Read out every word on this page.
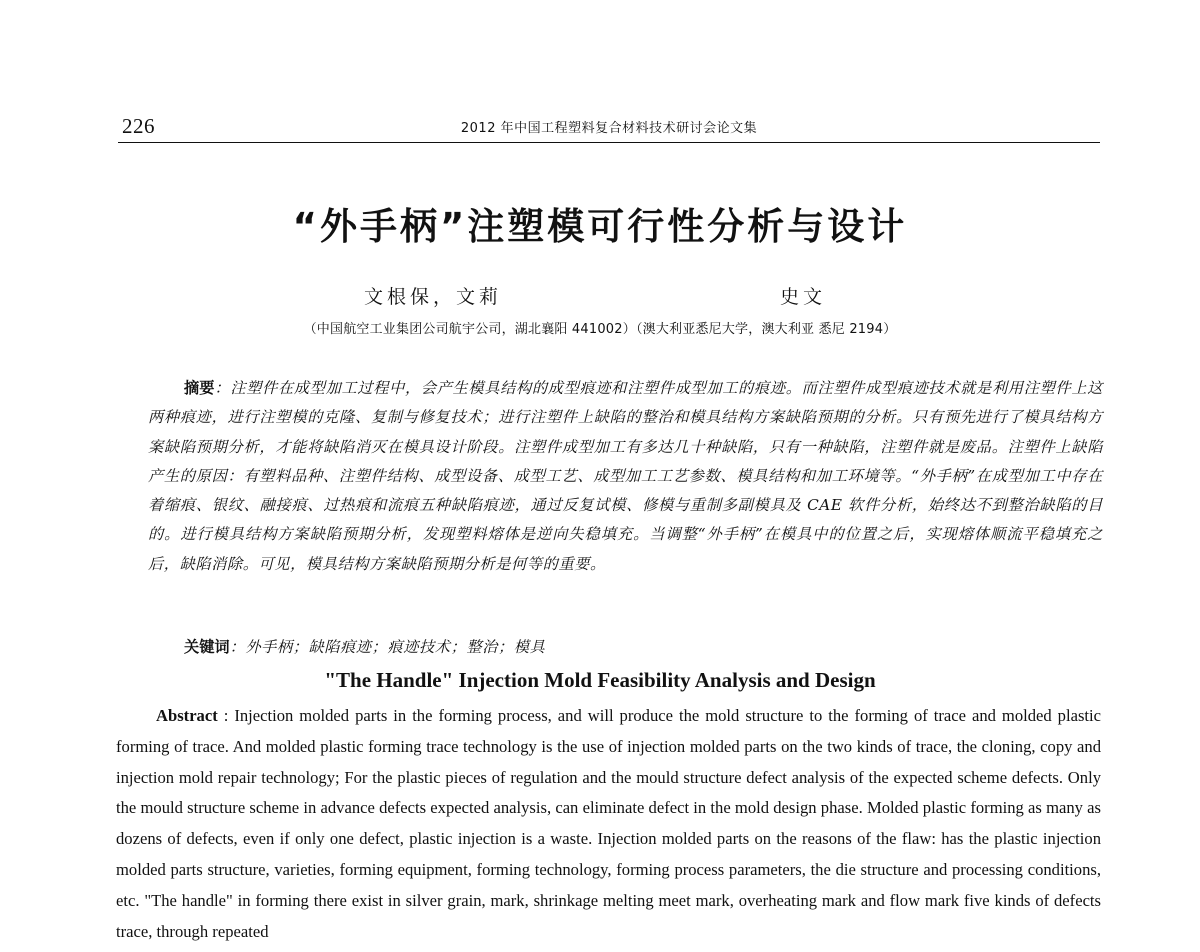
226	2012 年中国工程塑料复合材料技术研讨会论文集
“外手柄”注塑模可行性分析与设计
文根保，文莉	史文
（中国航空工业集团公司航宇公司，湖北襄阳 441002）（澳大利亚悉尼大学，澳大利亚 悉尼 2194）
摘要：注塑件在成型加工过程中，会产生模具结构的成型痕迹和注塑件成型加工的痕迹。而注塑件成型痕迹技术就是利用注塑件上这两种痕迹，进行注塑模的克隆、复制与修复技术；进行注塑件上缺陷的整治和模具结构方案缺陷预期的分析。只有预先进行了模具结构方案缺陷预期分析，才能将缺陷消灭在模具设计阶段。注塑件成型加工有多达几十种缺陷，只有一种缺陷，注塑件就是废品。注塑件上缺陷产生的原因：有塑料品种、注塑件结构、成型设备、成型工艺、成型加工工艺参数、模具结构和加工环境等。“外手柄”在成型加工中存在着缩痕、银纹、融接痕、过热痕和流痕五种缺陷痕迹，通过反复试模、修模与重制多副模具及 CAE 软件分析，始终达不到整治缺陷的目的。进行模具结构方案缺陷预期分析，发现塑料熔体是逆向失稳填充。当调整“外手柄”在模具中的位置之后，实现熔体顺流平稳填充之后，缺陷消除。可见，模具结构方案缺陷预期分析是何等的重要。
关键词：外手柄；缺陷痕迹；痕迹技术；整治；模具
"The Handle" Injection Mold Feasibility Analysis and Design
Abstract : Injection molded parts in the forming process, and will produce the mold structure to the forming of trace and molded plastic forming of trace. And molded plastic forming trace technology is the use of injection molded parts on the two kinds of trace, the cloning, copy and injection mold repair technology; For the plastic pieces of regulation and the mould structure defect analysis of the expected scheme defects. Only the mould structure scheme in advance defects expected analysis, can eliminate defect in the mold design phase. Molded plastic forming as many as dozens of defects, even if only one defect, plastic injection is a waste. Injection molded parts on the reasons of the flaw: has the plastic injection molded parts structure, varieties, forming equipment, forming technology, forming process parameters, the die structure and processing conditions, etc. "The handle" in forming there exist in silver grain, mark, shrinkage melting meet mark, overheating mark and flow mark five kinds of defects trace, through repeated
